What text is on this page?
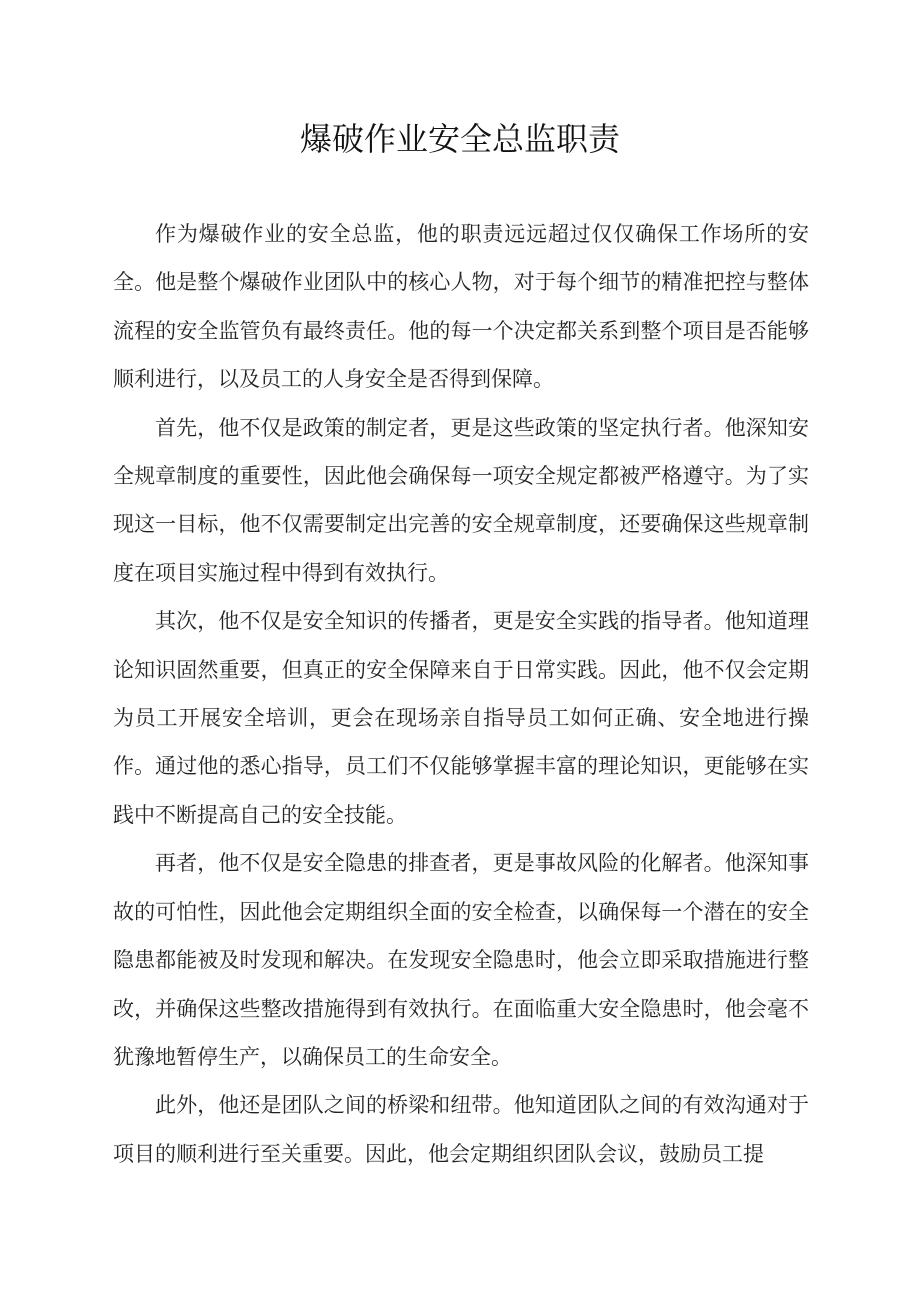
爆破作业安全总监职责

作为爆破作业的安全总监，他的职责远远超过仅仅确保工作场所的安全。他是整个爆破作业团队中的核心人物，对于每个细节的精准把控与整体流程的安全监管负有最终责任。他的每一个决定都关系到整个项目是否能够顺利进行，以及员工的人身安全是否得到保障。

首先，他不仅是政策的制定者，更是这些政策的坚定执行者。他深知安全规章制度的重要性，因此他会确保每一项安全规定都被严格遵守。为了实现这一目标，他不仅需要制定出完善的安全规章制度，还要确保这些规章制度在项目实施过程中得到有效执行。

其次，他不仅是安全知识的传播者，更是安全实践的指导者。他知道理论知识固然重要，但真正的安全保障来自于日常实践。因此，他不仅会定期为员工开展安全培训，更会在现场亲自指导员工如何正确、安全地进行操作。通过他的悉心指导，员工们不仅能够掌握丰富的理论知识，更能够在实践中不断提高自己的安全技能。

再者，他不仅是安全隐患的排查者，更是事故风险的化解者。他深知事故的可怕性，因此他会定期组织全面的安全检查，以确保每一个潜在的安全隐患都能被及时发现和解决。在发现安全隐患时，他会立即采取措施进行整改，并确保这些整改措施得到有效执行。在面临重大安全隐患时，他会毫不犹豫地暂停生产，以确保员工的生命安全。

此外，他还是团队之间的桥梁和纽带。他知道团队之间的有效沟通对于项目的顺利进行至关重要。因此，他会定期组织团队会议，鼓励员工提
